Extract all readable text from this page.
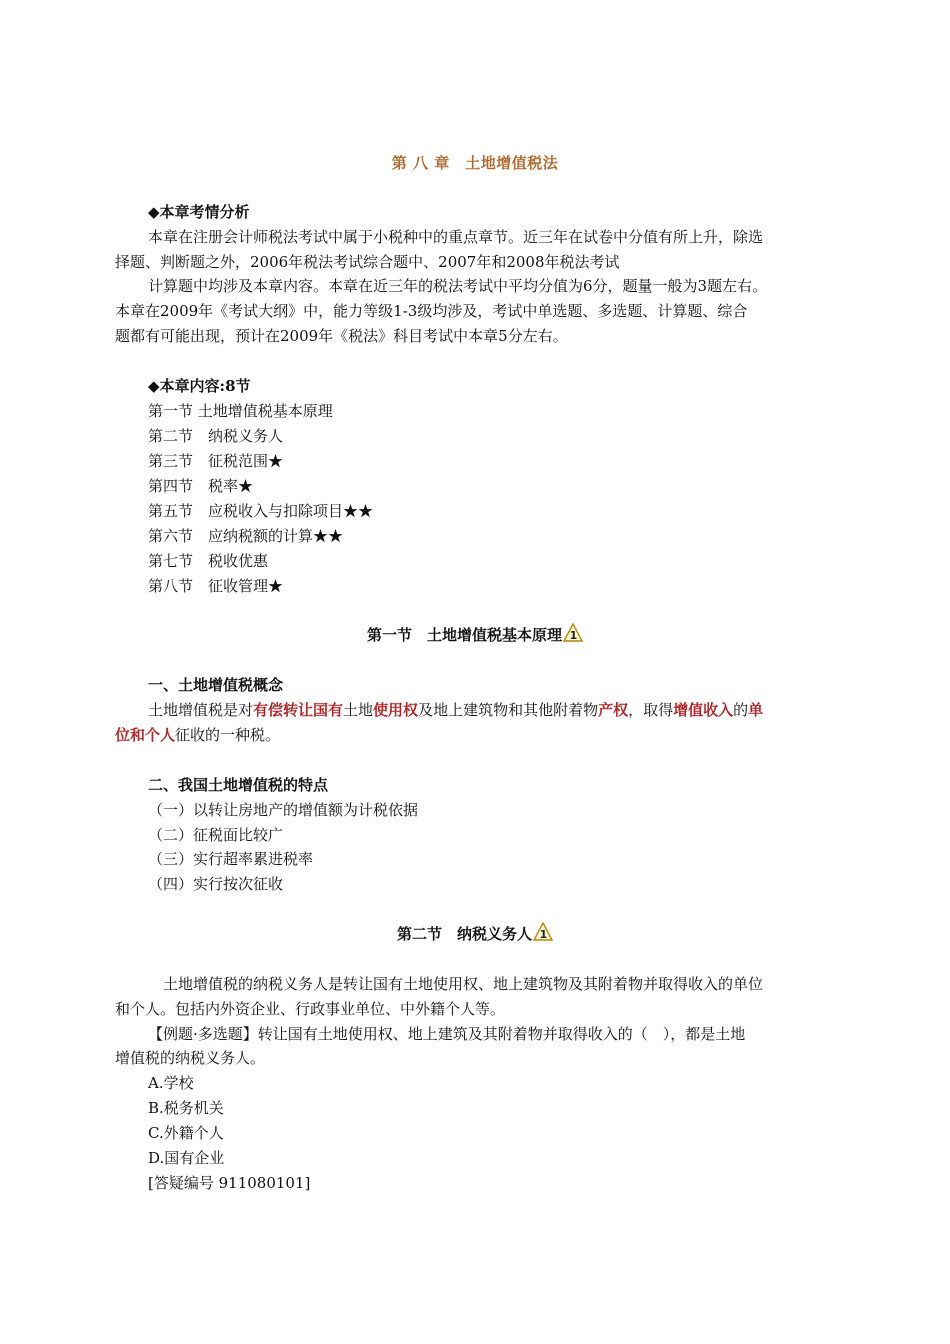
第 八 章　土地增值税法
◆本章考情分析
本章在注册会计师税法考试中属于小税种中的重点章节。近三年在试卷中分值有所上升，除选
择题、判断题之外，2006年税法考试综合题中、2007年和2008年税法考试
计算题中均涉及本章内容。本章在近三年的税法考试中平均分值为6分，题量一般为3题左右。
本章在2009年《考试大纲》中，能力等级1-3级均涉及，考试中单选题、多选题、计算题、综合
题都有可能出现，预计在2009年《税法》科目考试中本章5分左右。
◆本章内容:8节
第一节 土地增值税基本原理
第二节　纳税义务人
第三节　征税范围★
第四节　税率★
第五节　应税收入与扣除项目★★
第六节　应纳税额的计算★★
第七节　税收优惠
第八节　征收管理★
第一节　土地增值税基本原理 1
一、土地增值税概念
土地增值税是对有偿转让国有土地使用权及地上建筑物和其他附着物产权，取得增值收入的单
位和个人征收的一种税。
二、我国土地增值税的特点
（一）以转让房地产的增值额为计税依据
（二）征税面比较广
（三）实行超率累进税率
（四）实行按次征收
第二节　纳税义务人 1
　土地增值税的纳税义务人是转让国有土地使用权、地上建筑物及其附着物并取得收入的单位
和个人。包括内外资企业、行政事业单位、中外籍个人等。
【例题·多选题】转让国有土地使用权、地上建筑及其附着物并取得收入的（　），都是土地
增值税的纳税义务人。
A.学校
B.税务机关
C.外籍个人
D.国有企业
[答疑编号 911080101]
